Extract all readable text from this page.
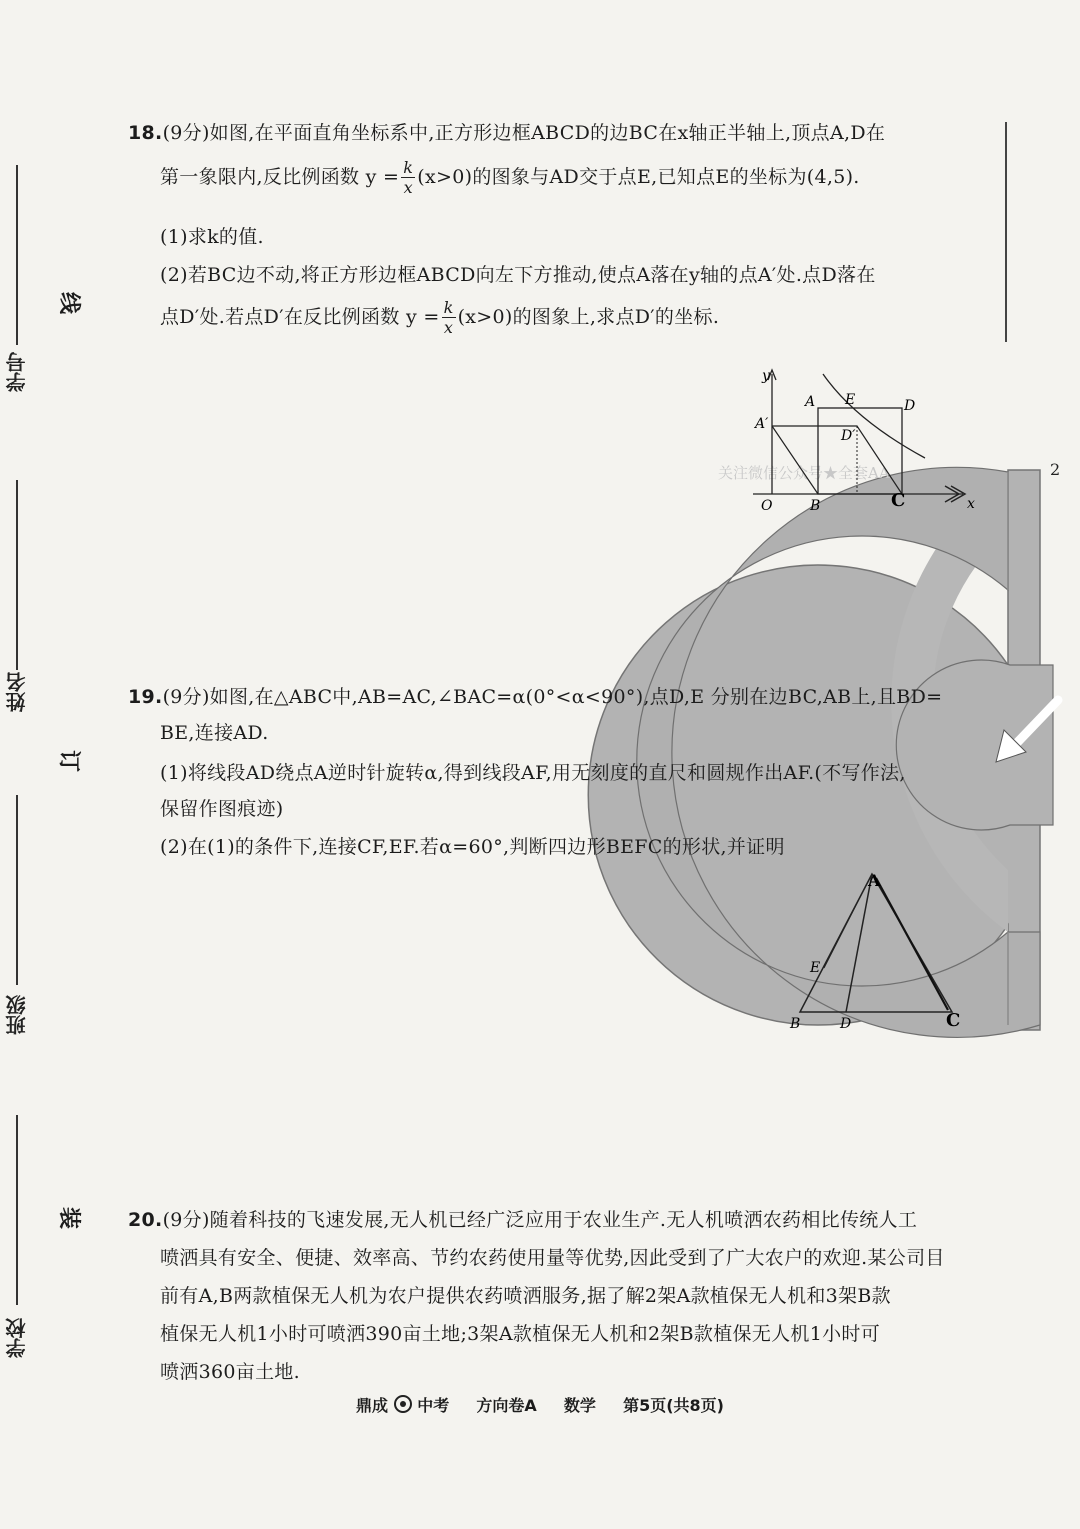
学号
姓名
班级
学校
线
订
装
18.(9分)如图,在平面直角坐标系中,正方形边框ABCD的边BC在x轴正半轴上,顶点A,D在
第一象限内,反比例函数 $y = \frac{k}{x} (x>0)$的图象与AD交于点E,已知点E的坐标为(4,5).
(1)求k的值.
(2)若BC边不动,将正方形边框ABCD向左下方推动,使点A落在y轴的点A′处.点D落在
点D′处.若点D′在反比例函数 $y = \frac{k}{x} (x>0)$的图象上,求点D′的坐标.
关注微信公众号★全套AA	2
y
A E	D
A′
D′
O	B	C	x
19.(9分)如图,在△ABC中,AB=AC,∠BAC=α(0°<α<90°),点D,E 分别在边BC,AB上,且BD=
BE,连接AD.
(1)将线段AD绕点A逆时针旋转α,得到线段AF,用无刻度的直尺和圆规作出AF.(不写作法,
保留作图痕迹)
(2)在(1)的条件下,连接CF,EF.若α=60°,判断四边形BEFC的形状,并证明
A
E
B	D	C
20.(9分)随着科技的飞速发展,无人机已经广泛应用于农业生产.无人机喷洒农药相比传统人工
喷洒具有安全、便捷、效率高、节约农药使用量等优势,因此受到了广大农户的欢迎.某公司目
前有A,B两款植保无人机为农户提供农药喷洒服务,据了解2架A款植保无人机和3架B款
植保无人机1小时可喷洒390亩土地;3架A款植保无人机和2架B款植保无人机1小时可
喷洒360亩土地.
鼎成 中考 方向卷A 数学 第5页(共8页)
